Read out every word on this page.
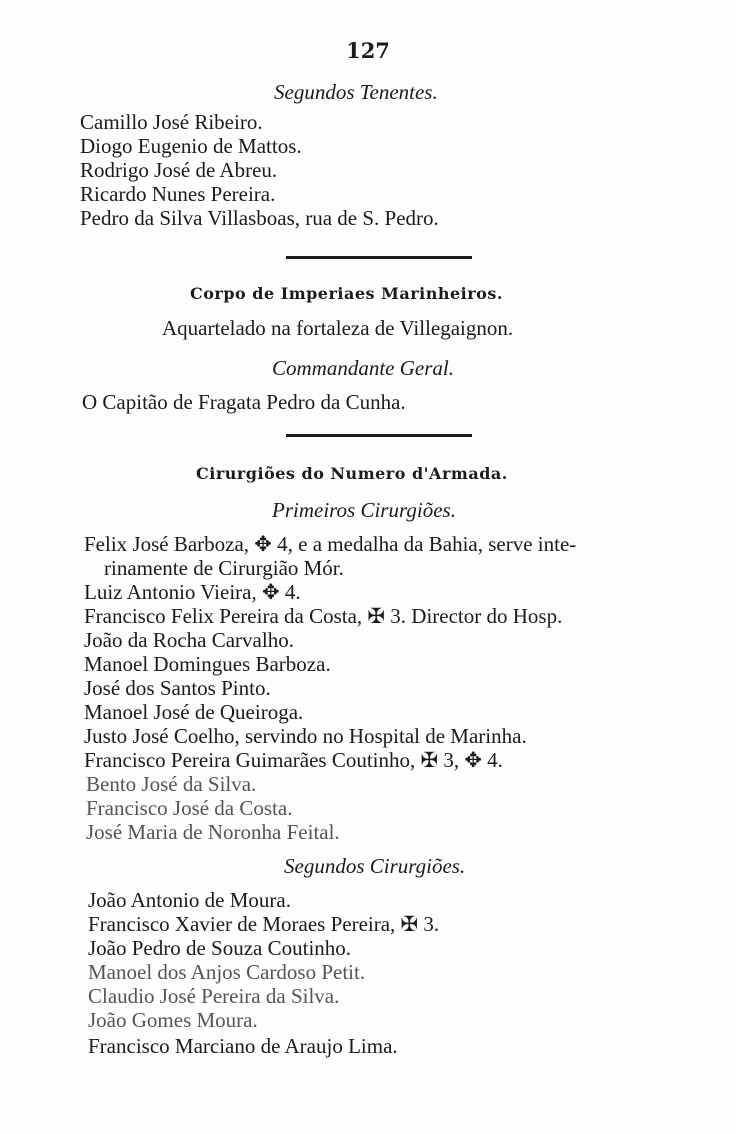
127
Segundos Tenentes.
Camillo José Ribeiro.
Diogo Eugenio de Mattos.
Rodrigo José de Abreu.
Ricardo Nunes Pereira.
Pedro da Silva Villasboas, rua de S. Pedro.
Corpo de Imperiaes Marinheiros.
Aquartelado na fortaleza de Villegaignon.
Commandante Geral.
O Capitão de Fragata Pedro da Cunha.
Cirurgiões do Numero d'Armada.
Primeiros Cirurgiões.
Felix José Barboza, ✥ 4, e a medalha da Bahia, serve inte-
rinamente de Cirurgião Mór.
Luiz Antonio Vieira, ✥ 4.
Francisco Felix Pereira da Costa, ✠ 3. Director do Hosp.
João da Rocha Carvalho.
Manoel Domingues Barboza.
José dos Santos Pinto.
Manoel José de Queiroga.
Justo José Coelho, servindo no Hospital de Marinha.
Francisco Pereira Guimarães Coutinho, ✠ 3, ✥ 4.
Bento José da Silva.
Francisco José da Costa.
José Maria de Noronha Feital.
Segundos Cirurgiões.
João Antonio de Moura.
Francisco Xavier de Moraes Pereira, ✠ 3.
João Pedro de Souza Coutinho.
Manoel dos Anjos Cardoso Petit.
Claudio José Pereira da Silva.
João Gomes Moura.
Francisco Marciano de Araujo Lima.
